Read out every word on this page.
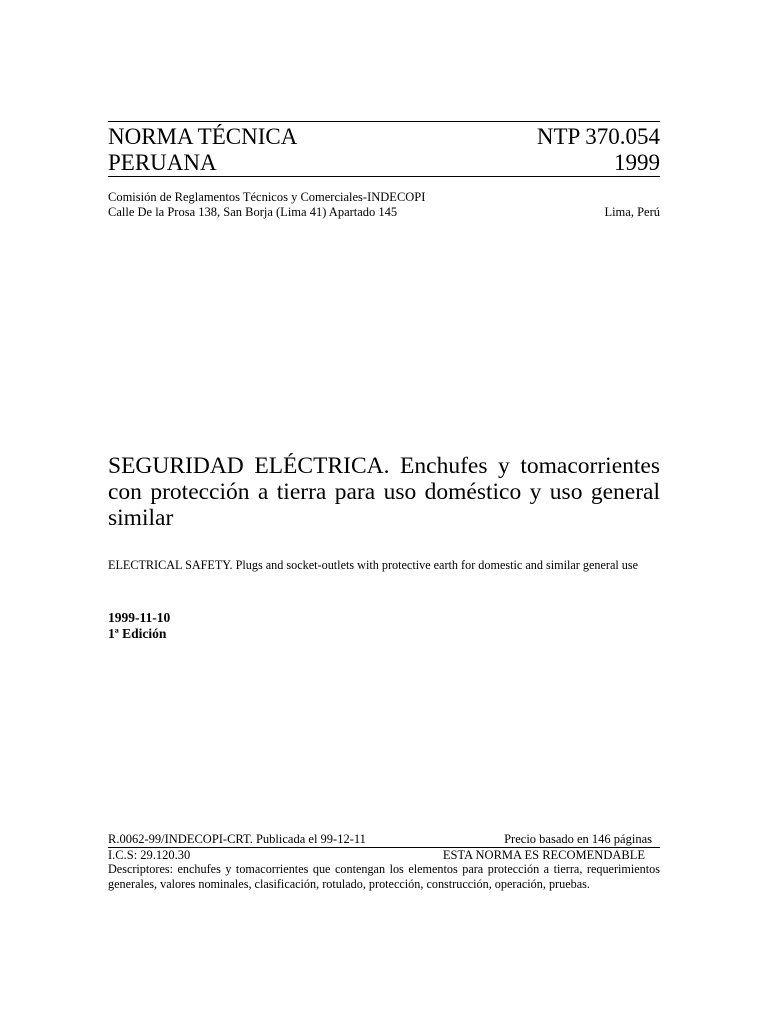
NORMA TÉCNICA	NTP 370.054
PERUANA	1999
Comisión de Reglamentos Técnicos y Comerciales-INDECOPI
Calle De la Prosa 138, San Borja (Lima 41) Apartado 145	Lima, Perú
SEGURIDAD ELÉCTRICA. Enchufes y tomacorrientes con protección a tierra para uso doméstico y uso general similar
ELECTRICAL SAFETY. Plugs and socket-outlets with protective earth for domestic and similar general use
1999-11-10
1ª Edición
R.0062-99/INDECOPI-CRT. Publicada el 99-12-11	Precio basado en 146 páginas
I.C.S: 29.120.30	ESTA NORMA ES RECOMENDABLE
Descriptores: enchufes y tomacorrientes que contengan los elementos para protección a tierra, requerimientos generales, valores nominales, clasificación, rotulado, protección, construcción, operación, pruebas.
